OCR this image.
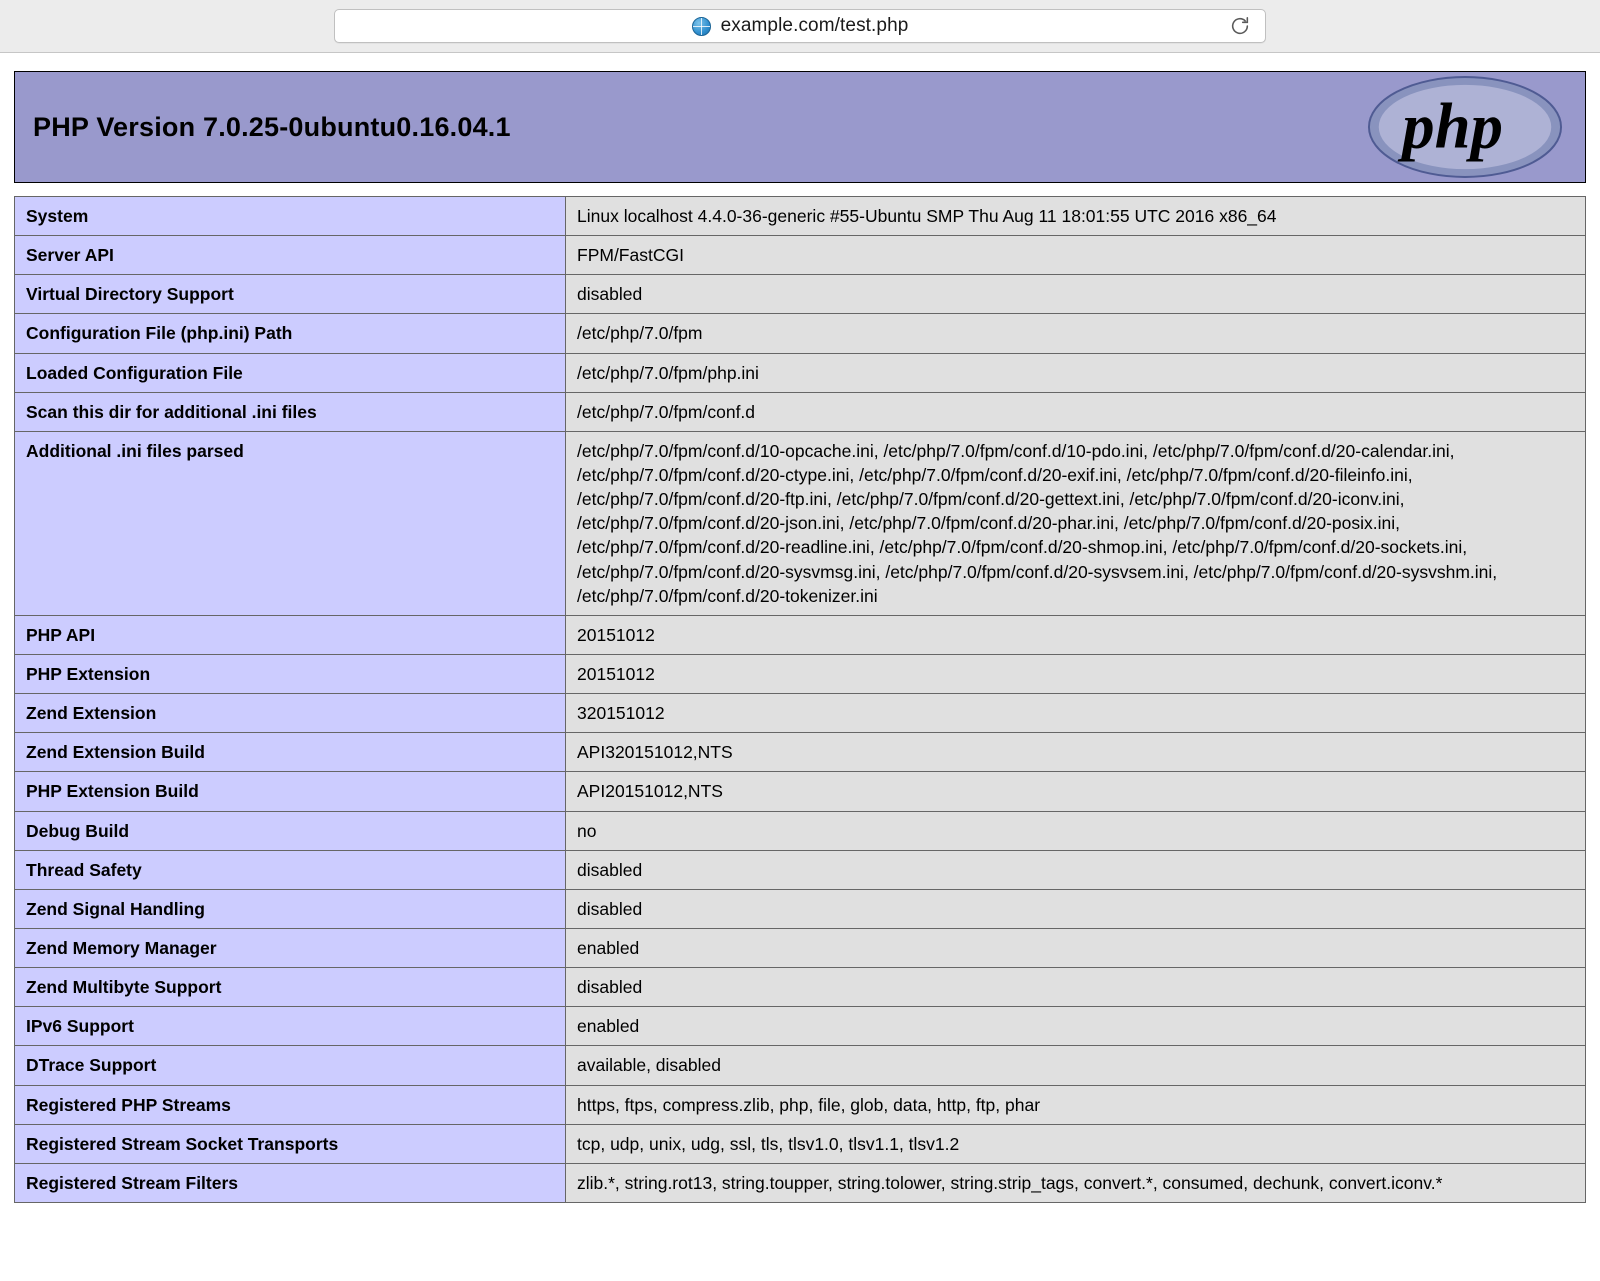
example.com/test.php
PHP Version 7.0.25-0ubuntu0.16.04.1	php
System	Linux localhost 4.4.0-36-generic #55-Ubuntu SMP Thu Aug 11 18:01:55 UTC 2016 x86_64
Server API	FPM/FastCGI
Virtual Directory Support	disabled
Configuration File (php.ini) Path	/etc/php/7.0/fpm
Loaded Configuration File	/etc/php/7.0/fpm/php.ini
Scan this dir for additional .ini files	/etc/php/7.0/fpm/conf.d
Additional .ini files parsed	/etc/php/7.0/fpm/conf.d/10-opcache.ini, /etc/php/7.0/fpm/conf.d/10-pdo.ini, /etc/php/7.0/fpm/conf.d/20-calendar.ini, /etc/php/7.0/fpm/conf.d/20-ctype.ini, /etc/php/7.0/fpm/conf.d/20-exif.ini, /etc/php/7.0/fpm/conf.d/20-fileinfo.ini, /etc/php/7.0/fpm/conf.d/20-ftp.ini, /etc/php/7.0/fpm/conf.d/20-gettext.ini, /etc/php/7.0/fpm/conf.d/20-iconv.ini, /etc/php/7.0/fpm/conf.d/20-json.ini, /etc/php/7.0/fpm/conf.d/20-phar.ini, /etc/php/7.0/fpm/conf.d/20-posix.ini, /etc/php/7.0/fpm/conf.d/20-readline.ini, /etc/php/7.0/fpm/conf.d/20-shmop.ini, /etc/php/7.0/fpm/conf.d/20-sockets.ini, /etc/php/7.0/fpm/conf.d/20-sysvmsg.ini, /etc/php/7.0/fpm/conf.d/20-sysvsem.ini, /etc/php/7.0/fpm/conf.d/20-sysvshm.ini, /etc/php/7.0/fpm/conf.d/20-tokenizer.ini
PHP API	20151012
PHP Extension	20151012
Zend Extension	320151012
Zend Extension Build	API320151012,NTS
PHP Extension Build	API20151012,NTS
Debug Build	no
Thread Safety	disabled
Zend Signal Handling	disabled
Zend Memory Manager	enabled
Zend Multibyte Support	disabled
IPv6 Support	enabled
DTrace Support	available, disabled
Registered PHP Streams	https, ftps, compress.zlib, php, file, glob, data, http, ftp, phar
Registered Stream Socket Transports	tcp, udp, unix, udg, ssl, tls, tlsv1.0, tlsv1.1, tlsv1.2
Registered Stream Filters	zlib.*, string.rot13, string.toupper, string.tolower, string.strip_tags, convert.*, consumed, dechunk, convert.iconv.*
